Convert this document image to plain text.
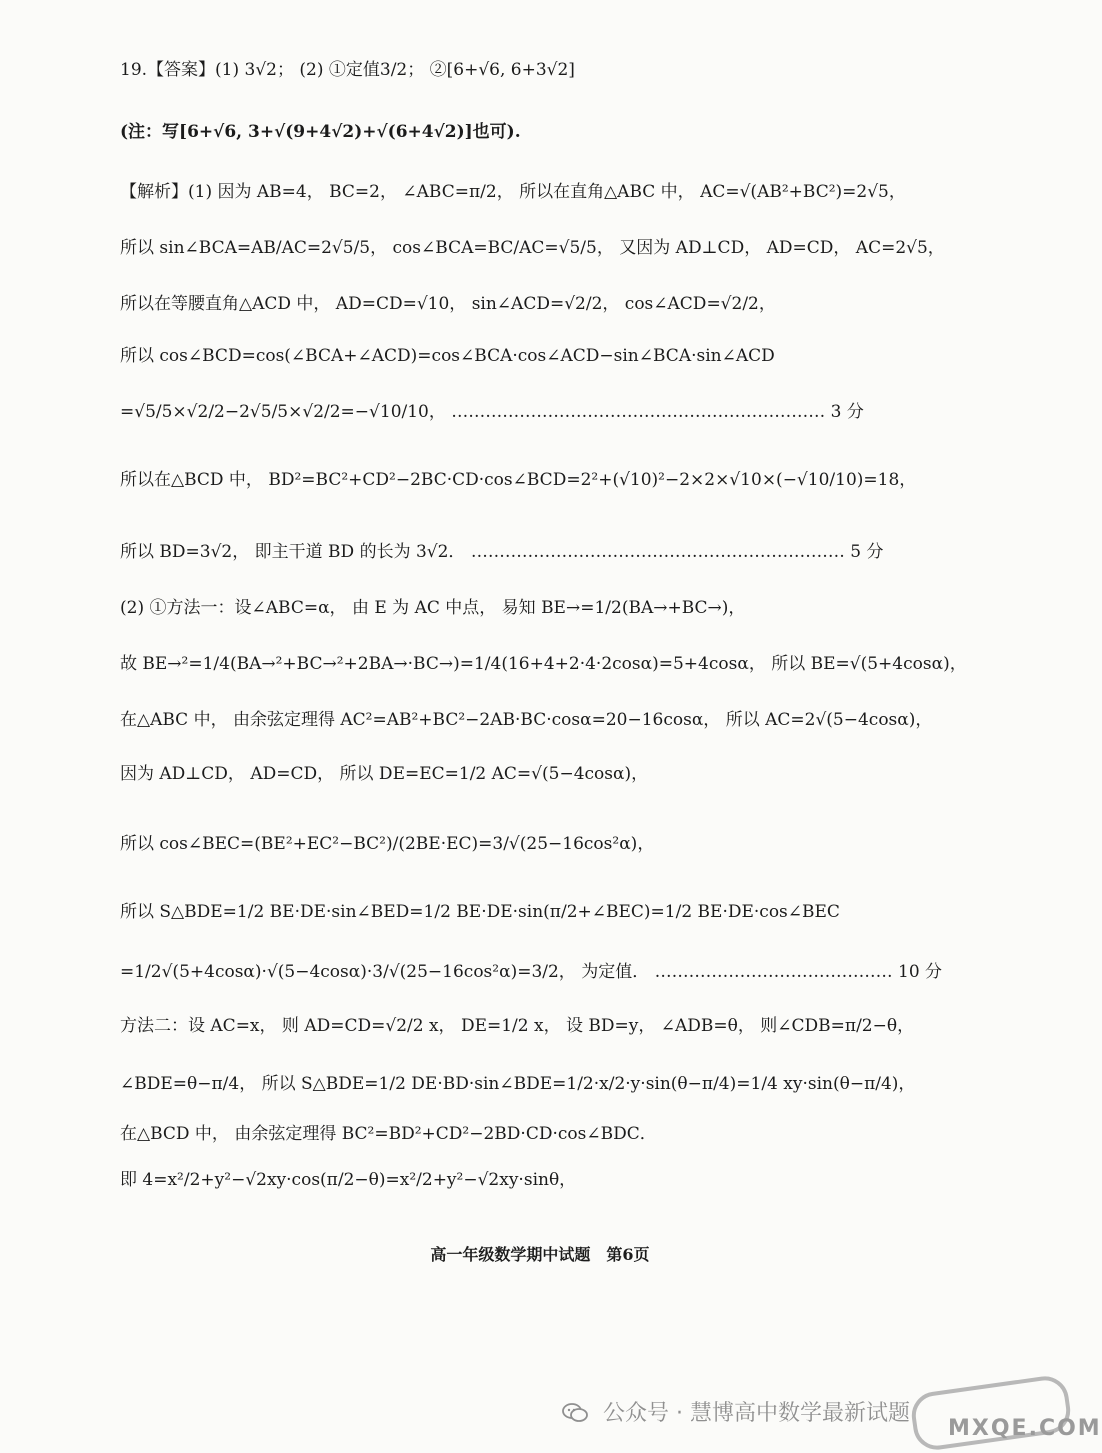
19.【答案】(1) 3√2； (2) ①定值3/2； ②[6+√6, 6+3√2]
(注：写[6+√6, 3+√(9+4√2)+√(6+4√2)]也可).
【解析】(1) 因为 AB=4， BC=2， ∠ABC=π/2， 所以在直角△ABC 中， AC=√(AB²+BC²)=2√5，
所以 sin∠BCA=AB/AC=2√5/5， cos∠BCA=BC/AC=√5/5， 又因为 AD⊥CD， AD=CD， AC=2√5，
所以在等腰直角△ACD 中， AD=CD=√10， sin∠ACD=√2/2， cos∠ACD=√2/2，
所以 cos∠BCD=cos(∠BCA+∠ACD)=cos∠BCA·cos∠ACD−sin∠BCA·sin∠ACD
=√5/5×√2/2−2√5/5×√2/2=−√10/10， ………………………………………………………… 3 分
所以在△BCD 中， BD²=BC²+CD²−2BC·CD·cos∠BCD=2²+(√10)²−2×2×√10×(−√10/10)=18，
所以 BD=3√2， 即主干道 BD 的长为 3√2． ………………………………………………………… 5 分
(2) ①方法一：设∠ABC=α， 由 E 为 AC 中点， 易知 BE→=1/2(BA→+BC→)，
故 BE→²=1/4(BA→²+BC→²+2BA→·BC→)=1/4(16+4+2·4·2cosα)=5+4cosα， 所以 BE=√(5+4cosα)，
在△ABC 中， 由余弦定理得 AC²=AB²+BC²−2AB·BC·cosα=20−16cosα， 所以 AC=2√(5−4cosα)，
因为 AD⊥CD， AD=CD， 所以 DE=EC=1/2 AC=√(5−4cosα)，
所以 cos∠BEC=(BE²+EC²−BC²)/(2BE·EC)=3/√(25−16cos²α)，
所以 S△BDE=1/2 BE·DE·sin∠BED=1/2 BE·DE·sin(π/2+∠BEC)=1/2 BE·DE·cos∠BEC
=1/2√(5+4cosα)·√(5−4cosα)·3/√(25−16cos²α)=3/2， 为定值． …………………………………… 10 分
方法二：设 AC=x， 则 AD=CD=√2/2 x， DE=1/2 x， 设 BD=y， ∠ADB=θ， 则∠CDB=π/2−θ，
∠BDE=θ−π/4， 所以 S△BDE=1/2 DE·BD·sin∠BDE=1/2·x/2·y·sin(θ−π/4)=1/4 xy·sin(θ−π/4)，
在△BCD 中， 由余弦定理得 BC²=BD²+CD²−2BD·CD·cos∠BDC．
即 4=x²/2+y²−√2xy·cos(π/2−θ)=x²/2+y²−√2xy·sinθ，
高一年级数学期中试题　第6页
公众号 · 慧博高中数学最新试题
MXQE.COM
